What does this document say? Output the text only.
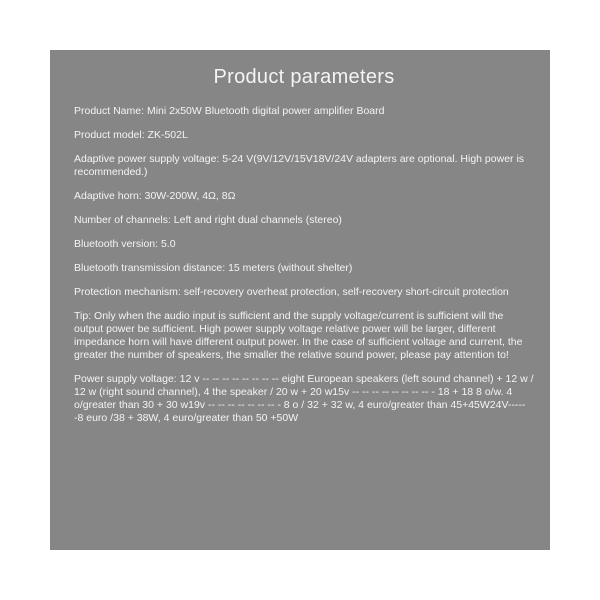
Product parameters
Product Name: Mini 2x50W Bluetooth digital power amplifier Board
Product model: ZK-502L
Adaptive power supply voltage: 5-24 V(9V/12V/15V18V/24V adapters are optional. High power is recommended.)
Adaptive horn: 30W-200W, 4Ω, 8Ω
Number of channels: Left and right dual channels (stereo)
Bluetooth version: 5.0
Bluetooth transmission distance: 15 meters (without shelter)
Protection mechanism: self-recovery overheat protection, self-recovery short-circuit protection
Tip: Only when the audio input is sufficient and the supply voltage/current is sufficient will the output power be sufficient. High power supply voltage relative power will be larger, different impedance horn will have different output power. In the case of sufficient voltage and current, the greater the number of speakers, the smaller the relative sound power, please pay attention to!
Power supply voltage: 12 v -- -- -- -- -- -- -- -- eight European speakers (left sound channel) + 12 w / 12 w (right sound channel), 4 the speaker / 20 w + 20 w15v -- -- -- -- -- -- -- -- - 18 + 18 8 o/w. 4 o/greater than 30 + 30 w19v -- -- -- -- -- -- -- - 8 o / 32 + 32 w, 4 euro/greater than 45+45W24V------8 euro /38 + 38W, 4 euro/greater than 50 +50W
